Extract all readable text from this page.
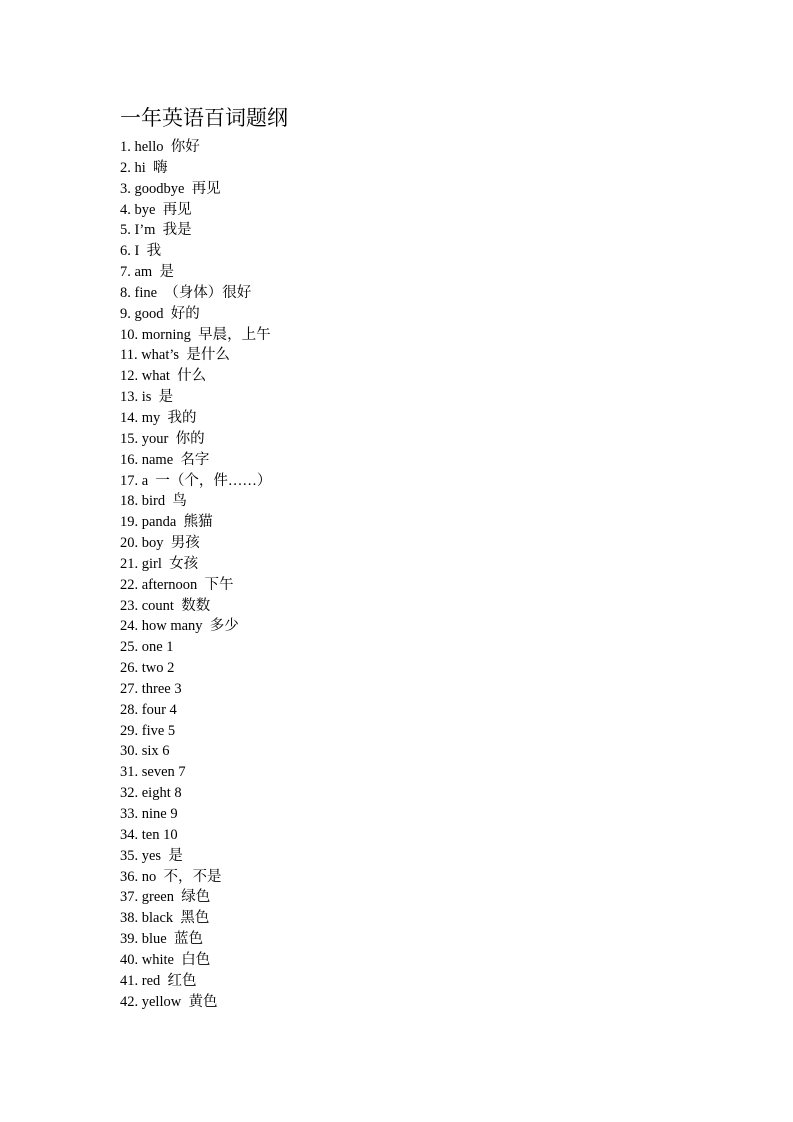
一年英语百词题纲
1. hello  你好
2. hi  嗨
3. goodbye  再见
4. bye  再见
5. I’m  我是
6. I  我
7. am  是
8. fine  （身体）很好
9. good  好的
10. morning  早晨，上午
11. what’s  是什么
12. what  什么
13. is  是
14. my  我的
15. your  你的
16. name  名字
17. a  一（个，件……）
18. bird  鸟
19. panda  熊猫
20. boy  男孩
21. girl  女孩
22. afternoon  下午
23. count  数数
24. how many  多少
25. one 1
26. two 2
27. three 3
28. four 4
29. five 5
30. six 6
31. seven 7
32. eight 8
33. nine 9
34. ten 10
35. yes  是
36. no  不，不是
37. green  绿色
38. black  黑色
39. blue  蓝色
40. white  白色
41. red  红色
42. yellow  黄色
